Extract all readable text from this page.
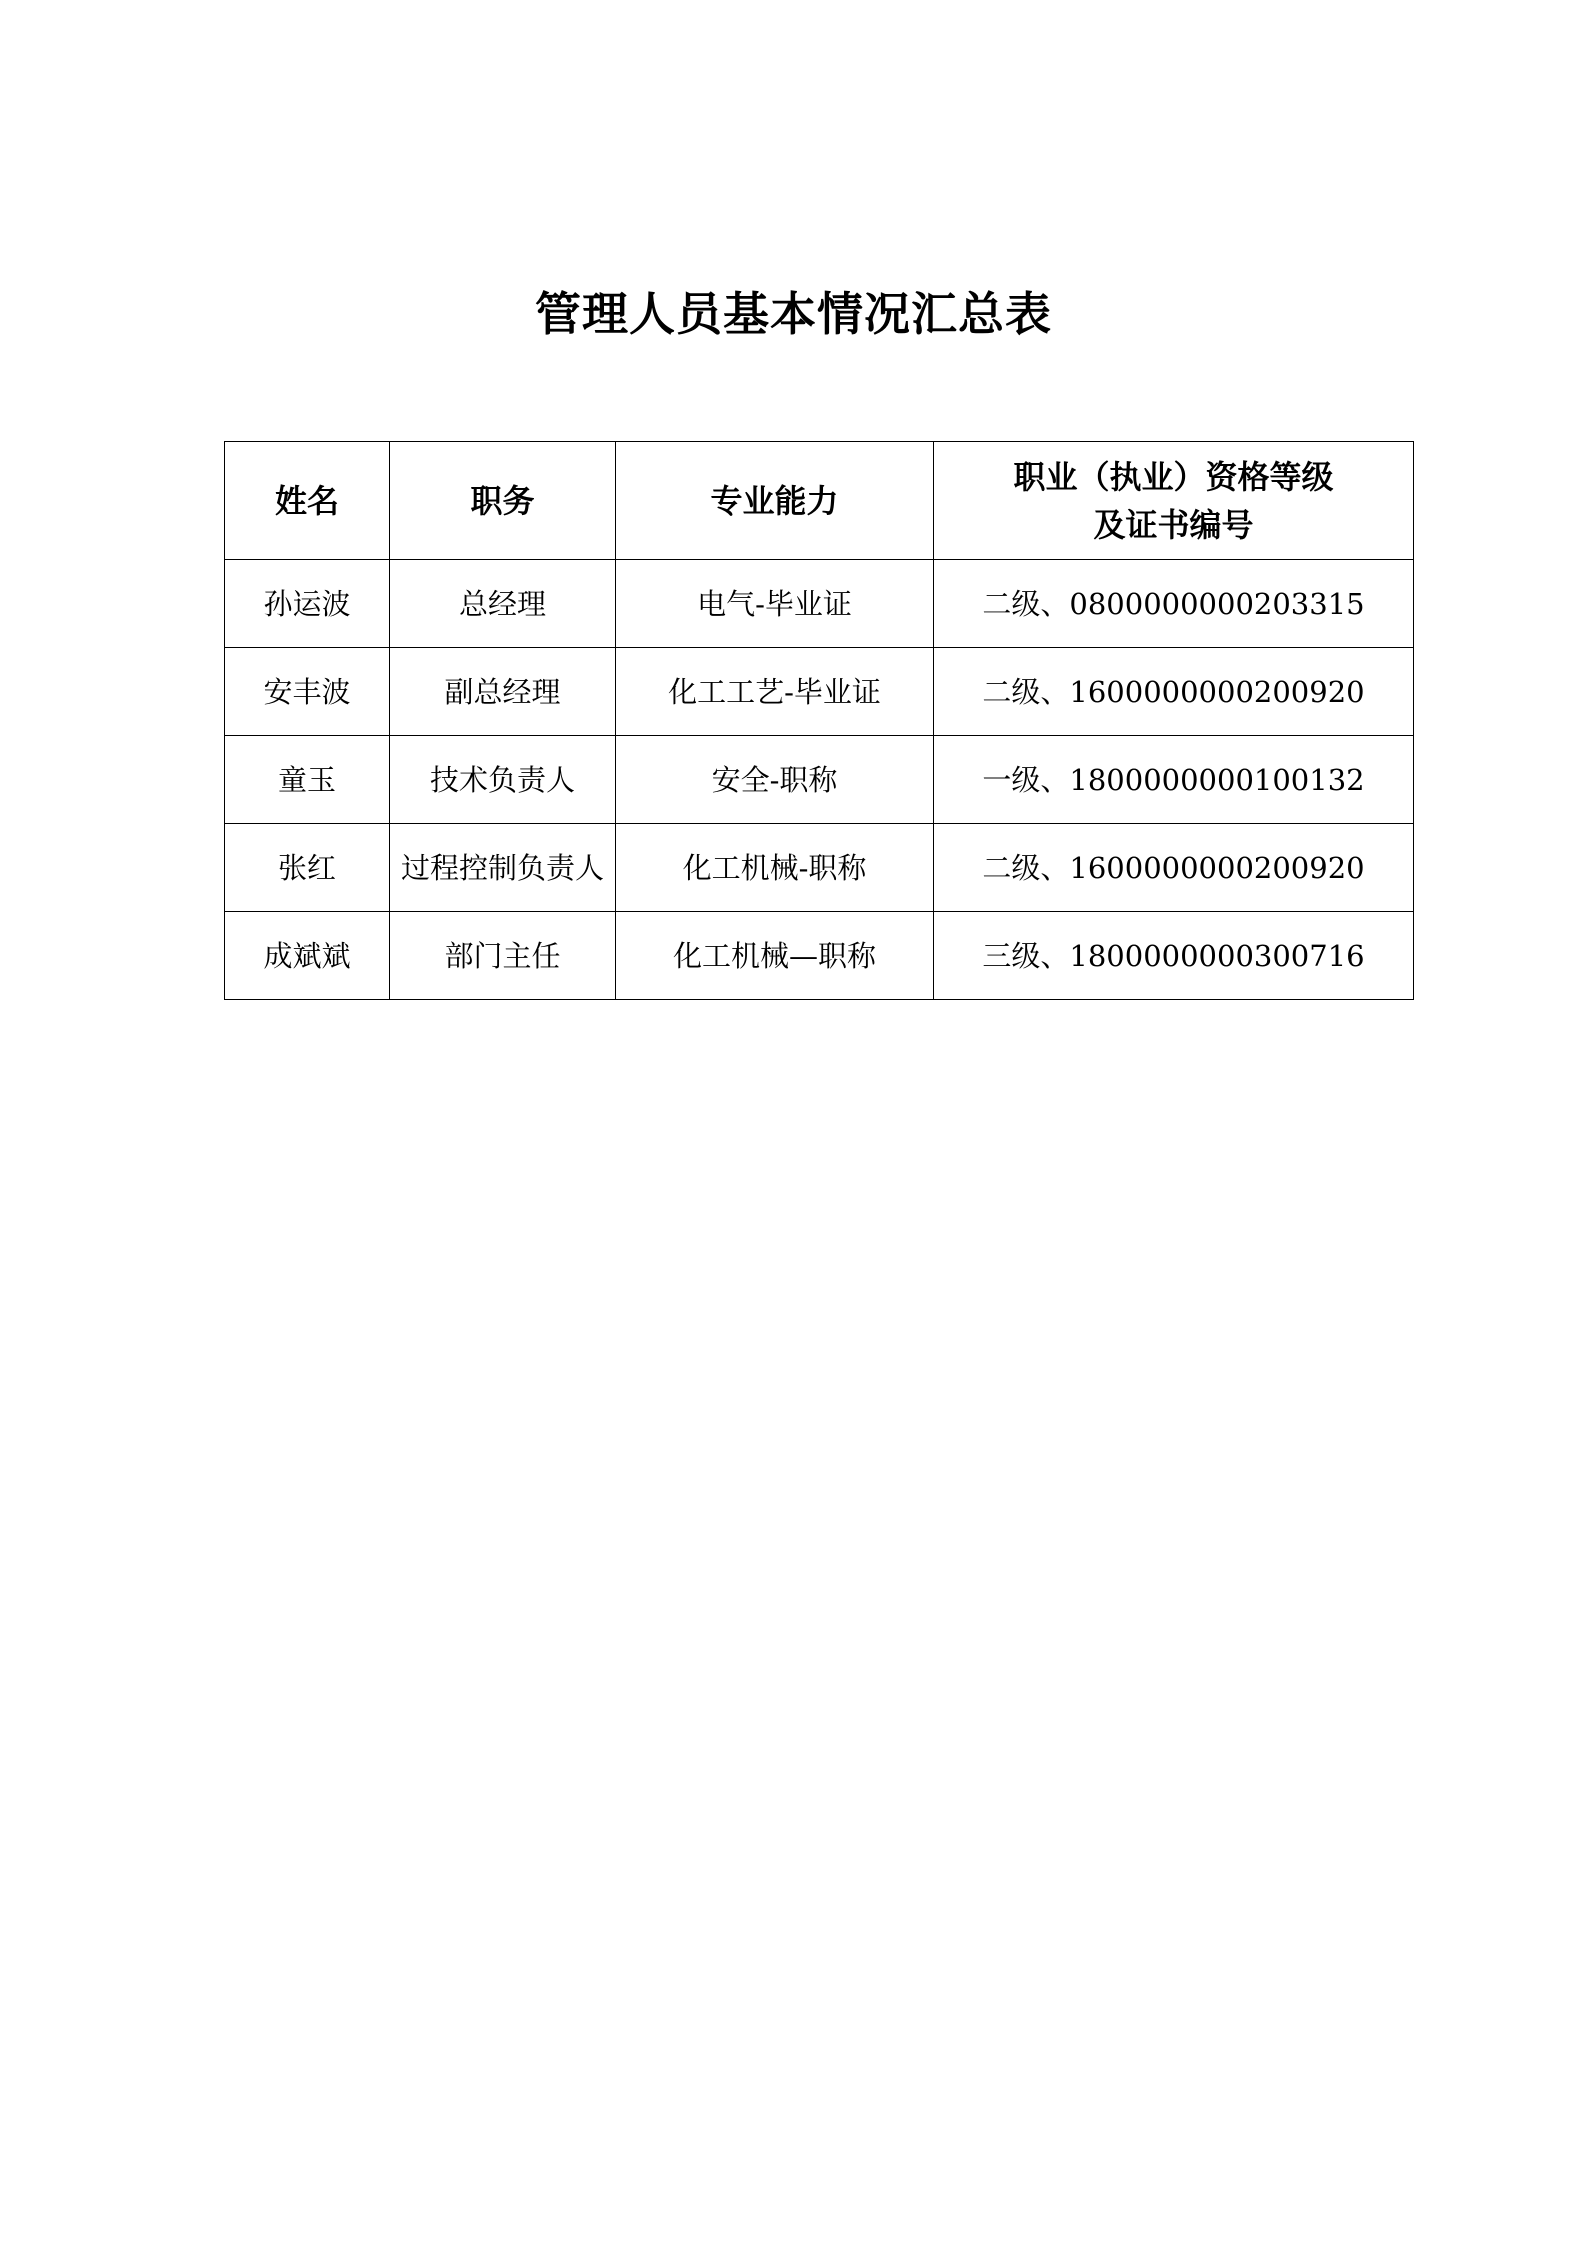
管理人员基本情况汇总表
姓名	职务	专业能力	职业（执业）资格等级
及证书编号

孙运波	总经理	电气-毕业证	二级、0800000000203315
安丰波	副总经理	化工工艺-毕业证	二级、1600000000200920
童玉	技术负责人	安全-职称	一级、1800000000100132
张红	过程控制负责人	化工机械-职称	二级、1600000000200920
成斌斌	部门主任	化工机械—职称	三级、1800000000300716
